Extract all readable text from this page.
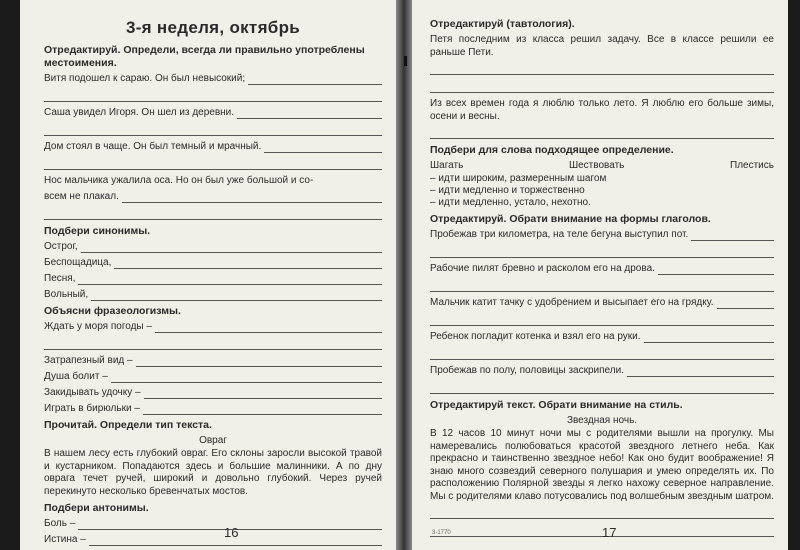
3-я неделя, октябрь
Отредактируй. Определи, всегда ли правильно употреблены местоимения.
Витя подошел к сараю. Он был невысокий;
Саша увидел Игоря. Он шел из деревни.
Дом стоял в чаще. Он был темный и мрачный.
Нос мальчика ужалила оса. Но он был уже большой и со-
всем не плакал.
Подбери синонимы.
Острог,
Беспощадица,
Песня,
Вольный,
Объясни фразеологизмы.
Ждать у моря погоды –
Затрапезный вид –
Душа болит –
Закидывать удочку –
Играть в бирюльки –
Прочитай. Определи тип текста.
Овраг
В нашем лесу есть глубокий овраг. Его склоны заросли высокой травой и кустарником. Попадаются здесь и большие малинники. А по дну оврага течет ручей, широкий и довольно глубокий. Через ручей перекинуто несколько бревенчатых мостов.
Подбери антонимы.
Боль –
Истина –	16
Отредактируй (тавтология).
Петя последним из класса решил задачу. Все в классе решили ее раньше Пети.
Из всех времен года я люблю только лето. Я люблю его больше зимы, осени и весны.
Подбери для слова подходящее определение.
Шагать	Шествовать	Плестись
– идти широким, размеренным шагом
– идти медленно и торжественно
– идти медленно, устало, нехотно.
Отредактируй. Обрати внимание на формы глаголов.
Пробежав три километра, на теле бегуна выступил пот.
Рабочие пилят бревно и расколом его на дрова.
Мальчик катит тачку с удобрением и высыпает его на грядку.
Ребенок погладит котенка и взял его на руки.
Пробежав по полу, половицы заскрипели.
Отредактируй текст. Обрати внимание на стиль.
Звездная ночь.
В 12 часов 10 минут ночи мы с родителями вышли на прогулку. Мы намеревались полюбоваться красотой звездного летнего неба. Как прекрасно и таинственно звездное небо! Как оно будит воображение! Я знаю много созвездий северного полушария и умею определять их. По расположению Полярной звезды я легко нахожу северное направление. Мы с родителями клаво потусовались под волшебным звездным шатром.
3-1770	17
